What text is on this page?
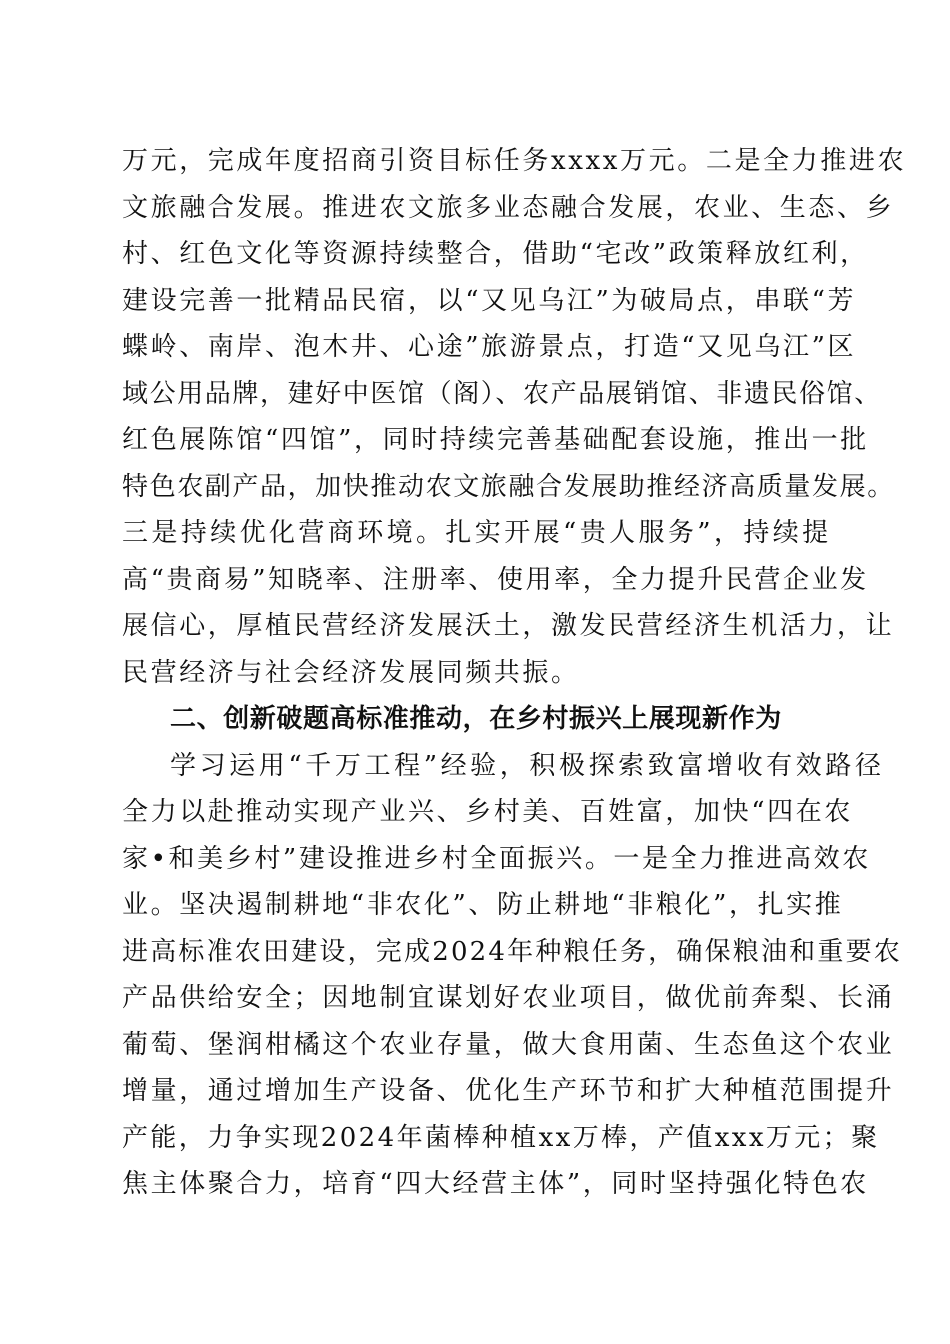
万元，完成年度招商引资目标任务xxxx万元。二是全力推进农
文旅融合发展。推进农文旅多业态融合发展，农业、生态、乡
村、红色文化等资源持续整合，借助“宅改”政策释放红利，
建设完善一批精品民宿，以“又见乌江”为破局点，串联“芳
蝶岭、南岸、泡木井、心途”旅游景点，打造“又见乌江”区
域公用品牌，建好中医馆（阁）、农产品展销馆、非遗民俗馆、
红色展陈馆“四馆”，同时持续完善基础配套设施，推出一批
特色农副产品，加快推动农文旅融合发展助推经济高质量发展。
三是持续优化营商环境。扎实开展“贵人服务”，持续提
高“贵商易”知晓率、注册率、使用率，全力提升民营企业发
展信心，厚植民营经济发展沃土，激发民营经济生机活力，让
民营经济与社会经济发展同频共振。
二、创新破题高标准推动，在乡村振兴上展现新作为
学习运用“千万工程”经验，积极探索致富增收有效路径
全力以赴推动实现产业兴、乡村美、百姓富，加快“四在农
家•和美乡村”建设推进乡村全面振兴。一是全力推进高效农
业。坚决遏制耕地“非农化”、防止耕地“非粮化”，扎实推
进高标准农田建设，完成2024年种粮任务，确保粮油和重要农
产品供给安全；因地制宜谋划好农业项目，做优前奔梨、长涌
葡萄、堡润柑橘这个农业存量，做大食用菌、生态鱼这个农业
增量，通过增加生产设备、优化生产环节和扩大种植范围提升
产能，力争实现2024年菌棒种植xx万棒，产值xxx万元；聚
焦主体聚合力，培育“四大经营主体”，同时坚持强化特色农
